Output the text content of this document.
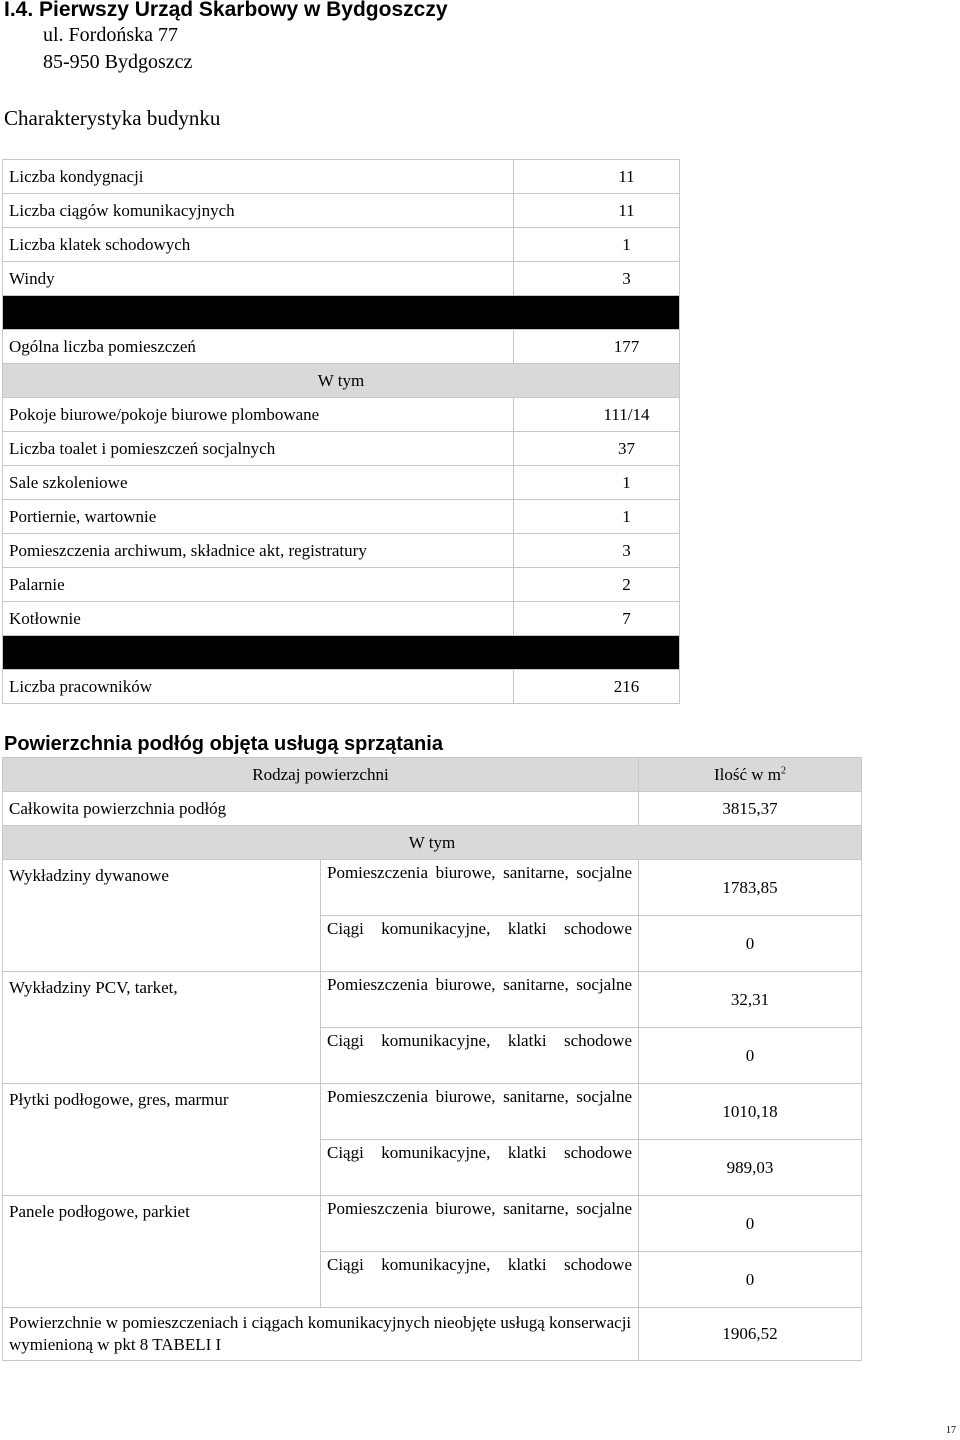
I.4. Pierwszy Urząd Skarbowy w Bydgoszczy
ul. Fordońska 77
85-950 Bydgoszcz
Charakterystyka budynku
Liczba kondygnacji	11
Liczba ciągów komunikacyjnych	11
Liczba klatek schodowych	1
Windy	3

Ogólna liczba pomieszczeń	177
W tym	
Pokoje biurowe/pokoje biurowe plombowane	111/14
Liczba toalet i pomieszczeń socjalnych	37
Sale szkoleniowe	1
Portiernie, wartownie	1
Pomieszczenia archiwum, składnice akt, registratury	3
Palarnie	2
Kotłownie	7

Liczba pracowników	216
Powierzchnia podłóg objęta usługą sprzątania
Rodzaj powierzchni		Ilość w $m^2$
Całkowita powierzchnia podłóg		3815,37
W tym		
Wykładziny dywanowe	Pomieszczenia biurowe, sanitarne, socjalne	1783,85
	Ciągi komunikacyjne, klatki schodowe	0
Wykładziny PCV, tarket,	Pomieszczenia biurowe, sanitarne, socjalne	32,31
	Ciągi komunikacyjne, klatki schodowe	0
Płytki podłogowe, gres, marmur	Pomieszczenia biurowe, sanitarne, socjalne	1010,18
	Ciągi komunikacyjne, klatki schodowe	989,03
Panele podłogowe, parkiet	Pomieszczenia biurowe, sanitarne, socjalne	0
	Ciągi komunikacyjne, klatki schodowe	0
Powierzchnie w pomieszczeniach i ciągach komunikacyjnych nieobjęte usługą konserwacji wymienioną w pkt 8 TABELI I		1906,52
17
